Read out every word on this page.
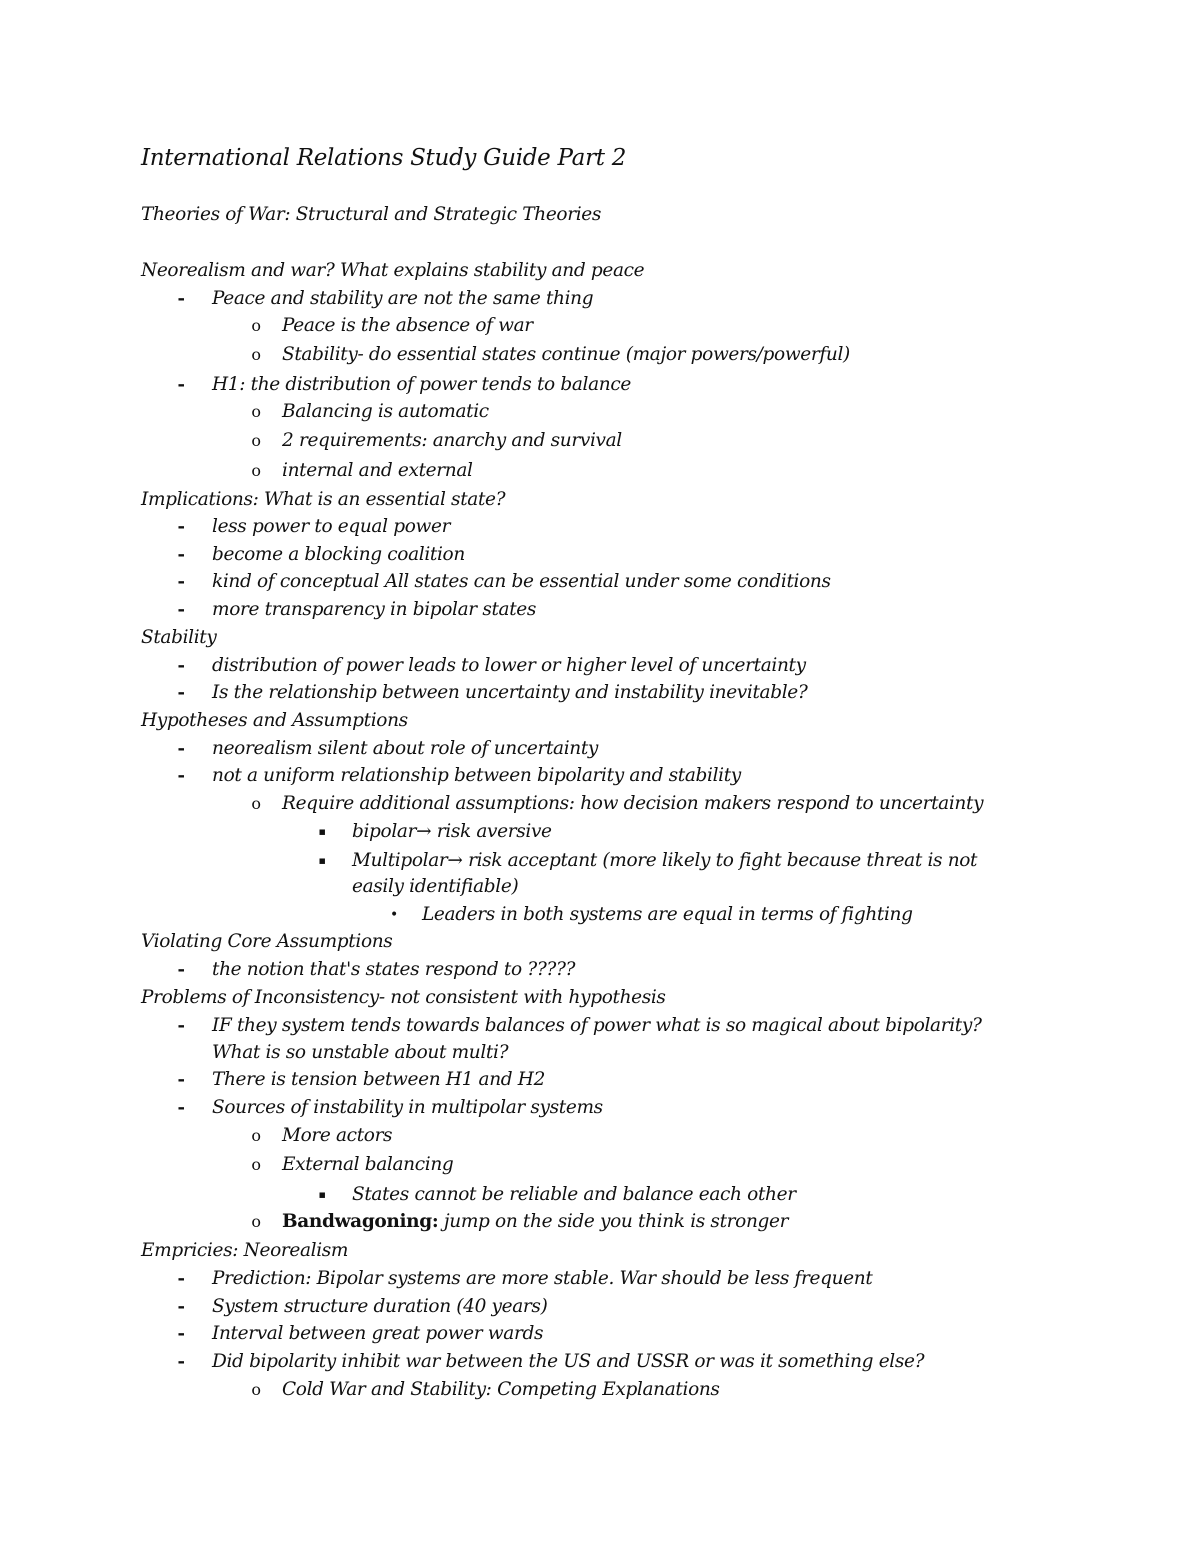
International Relations Study Guide Part 2
Theories of War: Structural and Strategic Theories
Neorealism and war? What explains stability and peace
- Peace and stability are not the same thing
o Peace is the absence of war
o Stability- do essential states continue (major powers/powerful)
- H1: the distribution of power tends to balance
o Balancing is automatic
o 2 requirements: anarchy and survival
o internal and external
Implications: What is an essential state?
- less power to equal power
- become a blocking coalition
- kind of conceptual All states can be essential under some conditions
- more transparency in bipolar states
Stability
- distribution of power leads to lower or higher level of uncertainty
- Is the relationship between uncertainty and instability inevitable?
Hypotheses and Assumptions
- neorealism silent about role of uncertainty
- not a uniform relationship between bipolarity and stability
o Require additional assumptions: how decision makers respond to uncertainty
▪ bipolar→ risk aversive
▪ Multipolar→ risk acceptant (more likely to fight because threat is not
easily identifiable)
• Leaders in both systems are equal in terms of fighting
Violating Core Assumptions
- the notion that's states respond to ?????
Problems of Inconsistency- not consistent with hypothesis
- IF they system tends towards balances of power what is so magical about bipolarity?
What is so unstable about multi?
- There is tension between H1 and H2
- Sources of instability in multipolar systems
o More actors
o External balancing
▪ States cannot be reliable and balance each other
o Bandwagoning: jump on the side you think is stronger
Empricies: Neorealism
- Prediction: Bipolar systems are more stable. War should be less frequent
- System structure duration (40 years)
- Interval between great power wards
- Did bipolarity inhibit war between the US and USSR or was it something else?
o Cold War and Stability: Competing Explanations
